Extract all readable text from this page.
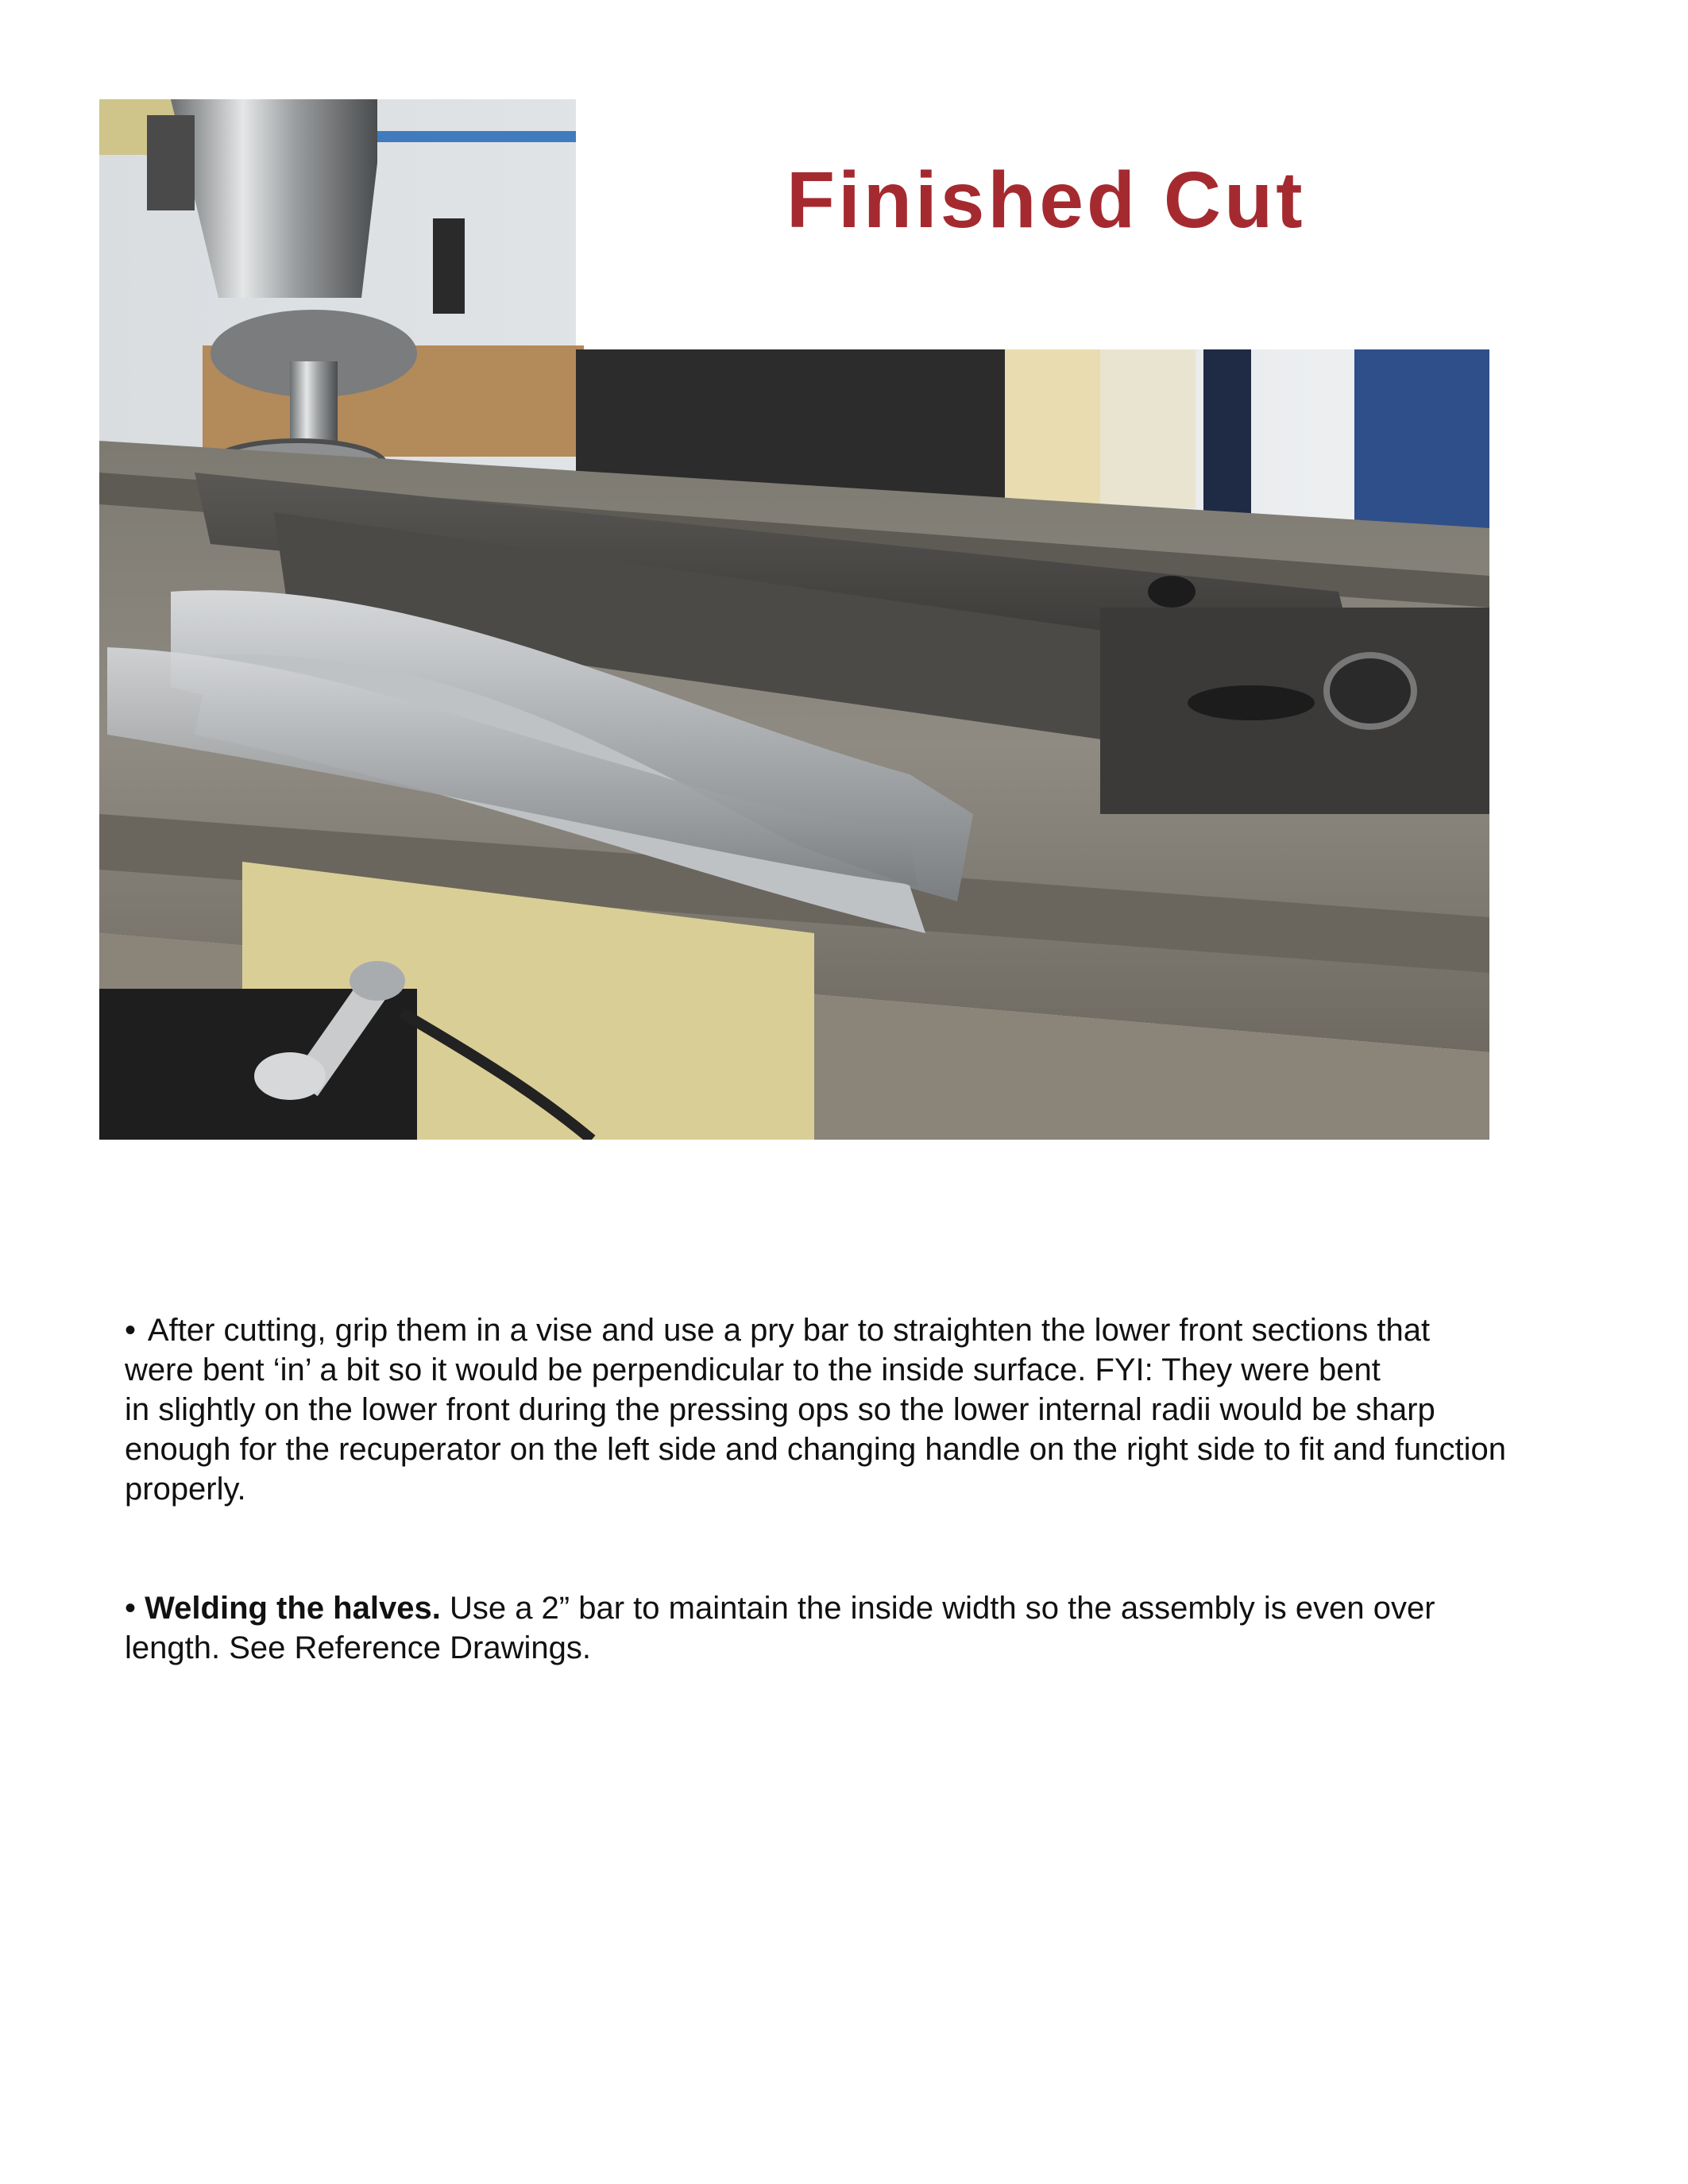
Finished Cut
• After cutting, grip them in a vise and use a pry bar to straighten the lower front sections that
were bent ‘in’ a bit so it would be perpendicular to the inside surface. FYI: They were bent
in slightly on the lower front during the pressing ops so the lower internal radii would be sharp
enough for the recuperator on the left side and changing handle on the right side to fit and function
properly.
• Welding the halves. Use a 2” bar to maintain the inside width so the assembly is even over
length. See Reference Drawings.
